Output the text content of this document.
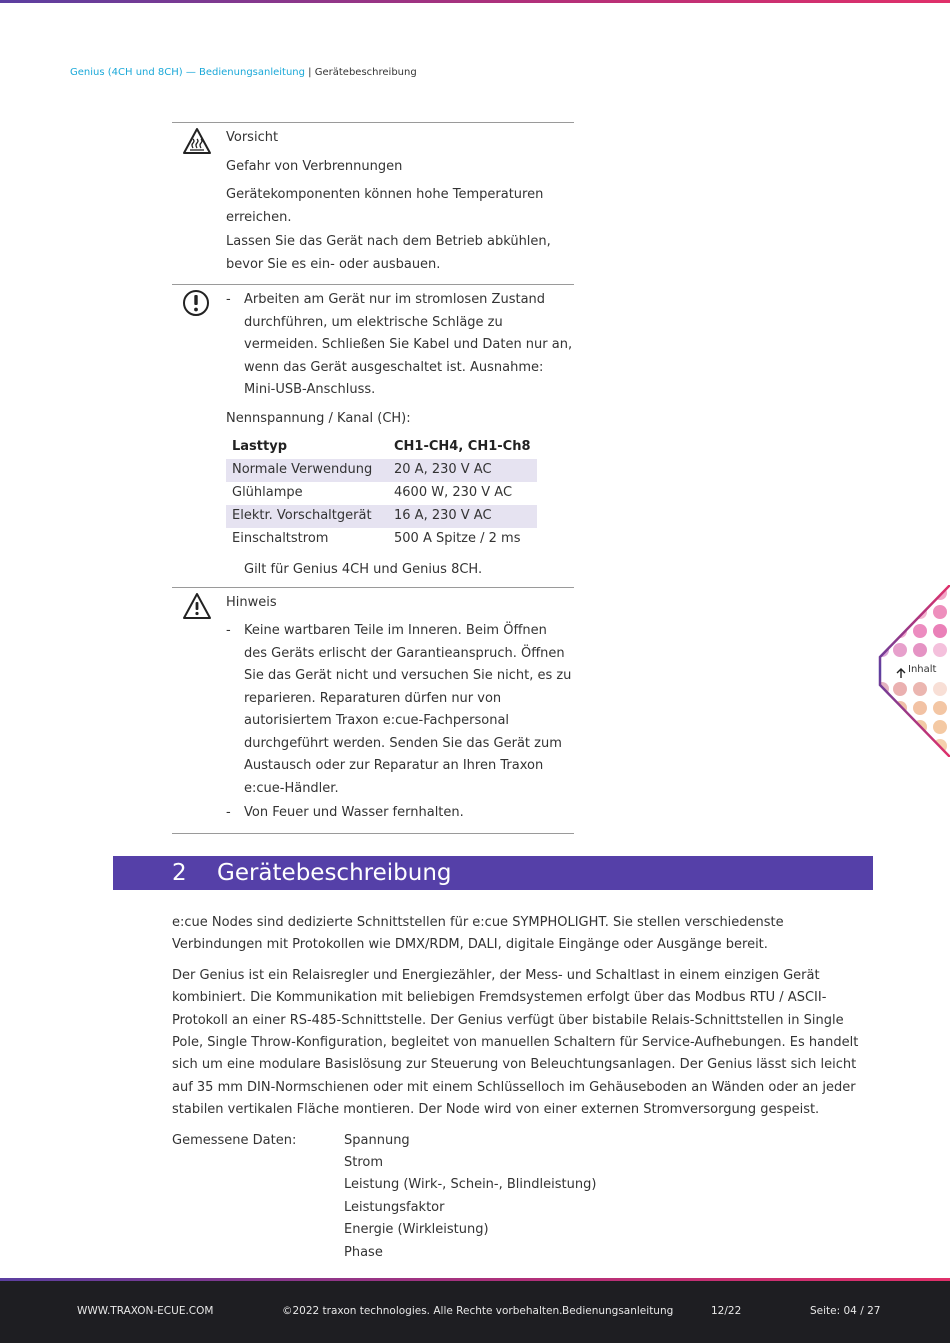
Genius (4CH und 8CH) — Bedienungsanleitung | Gerätebeschreibung
Vorsicht
Gefahr von Verbrennungen
Gerätekomponenten können hohe Temperaturen erreichen.
Lassen Sie das Gerät nach dem Betrieb abkühlen, bevor Sie es ein- oder ausbauen.
- Arbeiten am Gerät nur im stromlosen Zustand durchführen, um elektrische Schläge zu vermeiden. Schließen Sie Kabel und Daten nur an, wenn das Gerät ausgeschaltet ist. Ausnahme: Mini-USB-Anschluss.
Nennspannung / Kanal (CH):
Lasttyp	CH1-CH4, CH1-Ch8
Normale Verwendung	20 A, 230 V AC
Glühlampe	4600 W, 230 V AC
Elektr. Vorschaltgerät	16 A, 230 V AC
Einschaltstrom	500 A Spitze / 2 ms
Gilt für Genius 4CH und Genius 8CH.
Hinweis
- Keine wartbaren Teile im Inneren. Beim Öffnen des Geräts erlischt der Garantieanspruch. Öffnen Sie das Gerät nicht und versuchen Sie nicht, es zu reparieren. Reparaturen dürfen nur von autorisiertem Traxon e:cue-Fachpersonal durchgeführt werden. Senden Sie das Gerät zum Austausch oder zur Reparatur an Ihren Traxon e:cue-Händler.
- Von Feuer und Wasser fernhalten.
2 Gerätebeschreibung

e:cue Nodes sind dedizierte Schnittstellen für e:cue SYMPHOLIGHT. Sie stellen verschiedenste Verbindungen mit Protokollen wie DMX/RDM, DALI, digitale Eingänge oder Ausgänge bereit.

Der Genius ist ein Relaisregler und Energiezähler, der Mess- und Schaltlast in einem einzigen Gerät kombiniert. Die Kommunikation mit beliebigen Fremdsystemen erfolgt über das Modbus RTU / ASCII-Protokoll an einer RS-485-Schnittstelle. Der Genius verfügt über bistabile Relais-Schnittstellen in Single Pole, Single Throw-Konfiguration, begleitet von manuellen Schaltern für Service-Aufhebungen. Es handelt sich um eine modulare Basislösung zur Steuerung von Beleuchtungsanlagen. Der Genius lässt sich leicht auf 35 mm DIN-Normschienen oder mit einem Schlüsselloch im Gehäuseboden an Wänden oder an jeder stabilen vertikalen Fläche montieren. Der Node wird von einer externen Stromversorgung gespeist.

Gemessene Daten:	Spannung
Strom
Leistung (Wirk-, Schein-, Blindleistung)
Leistungsfaktor
Energie (Wirkleistung)
Phase
Inhalt
WWW.TRAXON-ECUE.COM	©2022 traxon technologies. Alle Rechte vorbehalten. Bedienungsanleitung	12/22	Seite: 04 / 27
